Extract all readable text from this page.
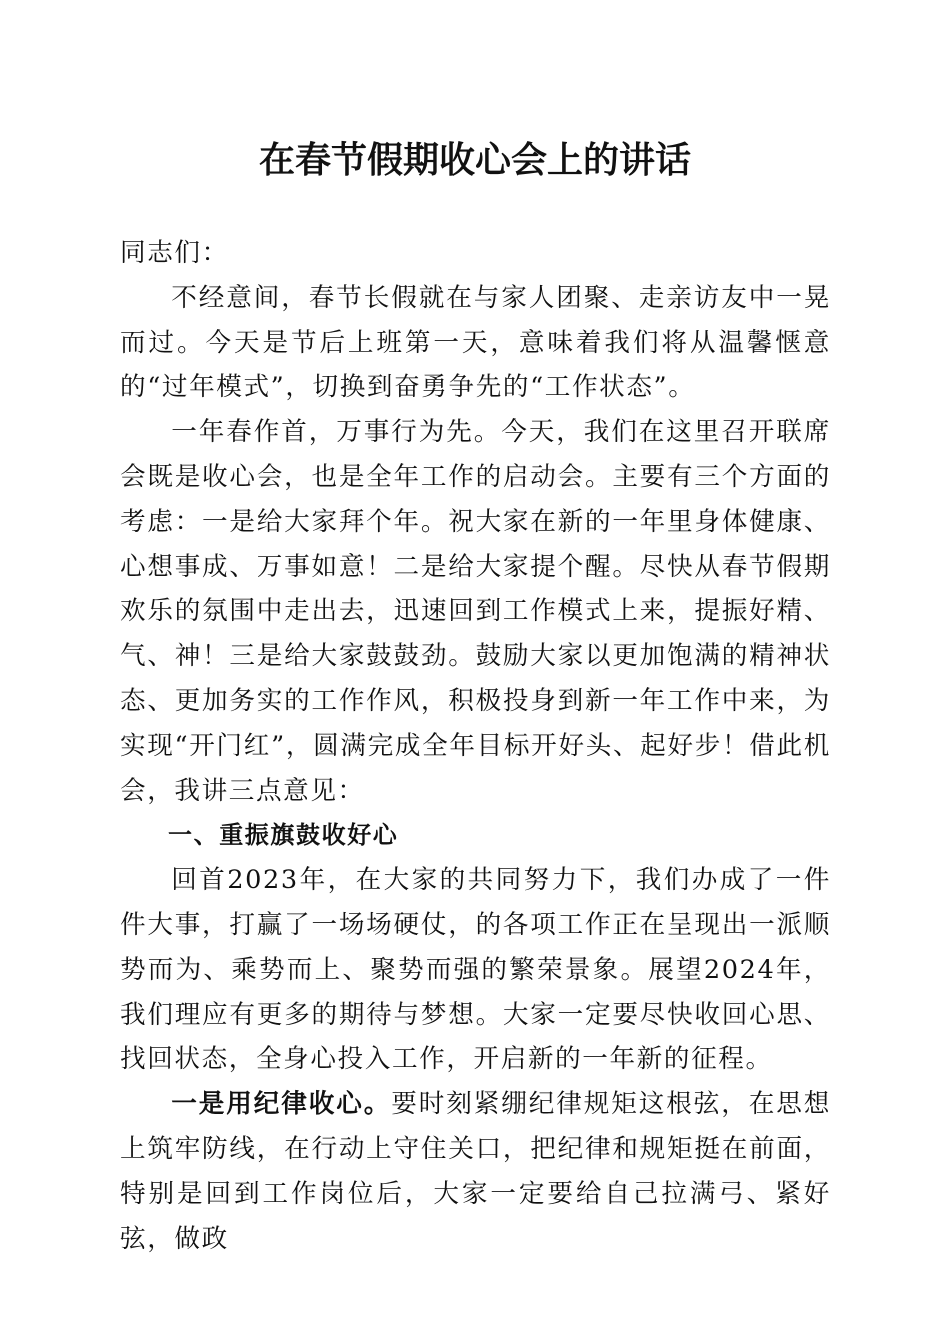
在春节假期收心会上的讲话

同志们：

不经意间，春节长假就在与家人团聚、走亲访友中一晃而过。今天是节后上班第一天，意味着我们将从温馨惬意的“过年模式”，切换到奋勇争先的“工作状态”。

一年春作首，万事行为先。今天，我们在这里召开联席会既是收心会，也是全年工作的启动会。主要有三个方面的考虑：一是给大家拜个年。祝大家在新的一年里身体健康、心想事成、万事如意！二是给大家提个醒。尽快从春节假期欢乐的氛围中走出去，迅速回到工作模式上来，提振好精、气、神！三是给大家鼓鼓劲。鼓励大家以更加饱满的精神状态、更加务实的工作作风，积极投身到新一年工作中来，为实现“开门红”，圆满完成全年目标开好头、起好步！借此机会，我讲三点意见：

一、重振旗鼓收好心

回首2023年，在大家的共同努力下，我们办成了一件件大事，打赢了一场场硬仗，的各项工作正在呈现出一派顺势而为、乘势而上、聚势而强的繁荣景象。展望2024年，我们理应有更多的期待与梦想。大家一定要尽快收回心思、找回状态，全身心投入工作，开启新的一年新的征程。

一是用纪律收心。要时刻紧绷纪律规矩这根弦，在思想上筑牢防线，在行动上守住关口，把纪律和规矩挺在前面，特别是回到工作岗位后，大家一定要给自己拉满弓、紧好弦，做政
